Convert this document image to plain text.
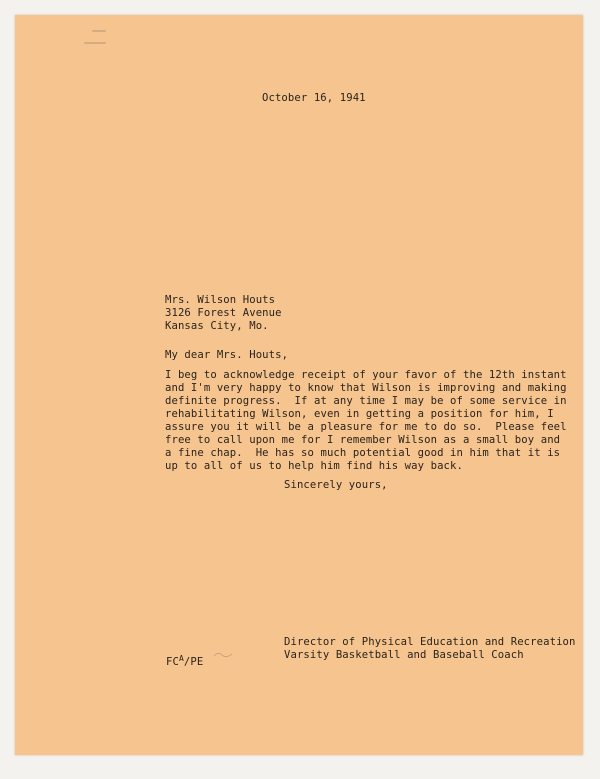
October 16, 1941

Mrs. Wilson Houts

3126 Forest Avenue

Kansas City, Mo.

My dear Mrs. Houts,

I beg to acknowledge receipt of your favor of the 12th instant

and I'm very happy to know that Wilson is improving and making

definite progress.  If at any time I may be of some service in

rehabilitating Wilson, even in getting a position for him, I

assure you it will be a pleasure for me to do so.  Please feel

free to call upon me for I remember Wilson as a small boy and

a fine chap.  He has so much potential good in him that it is

up to all of us to help him find his way back.

Sincerely yours,

Director of Physical Education and Recreation

Varsity Basketball and Baseball Coach

$FC^A/PE$
